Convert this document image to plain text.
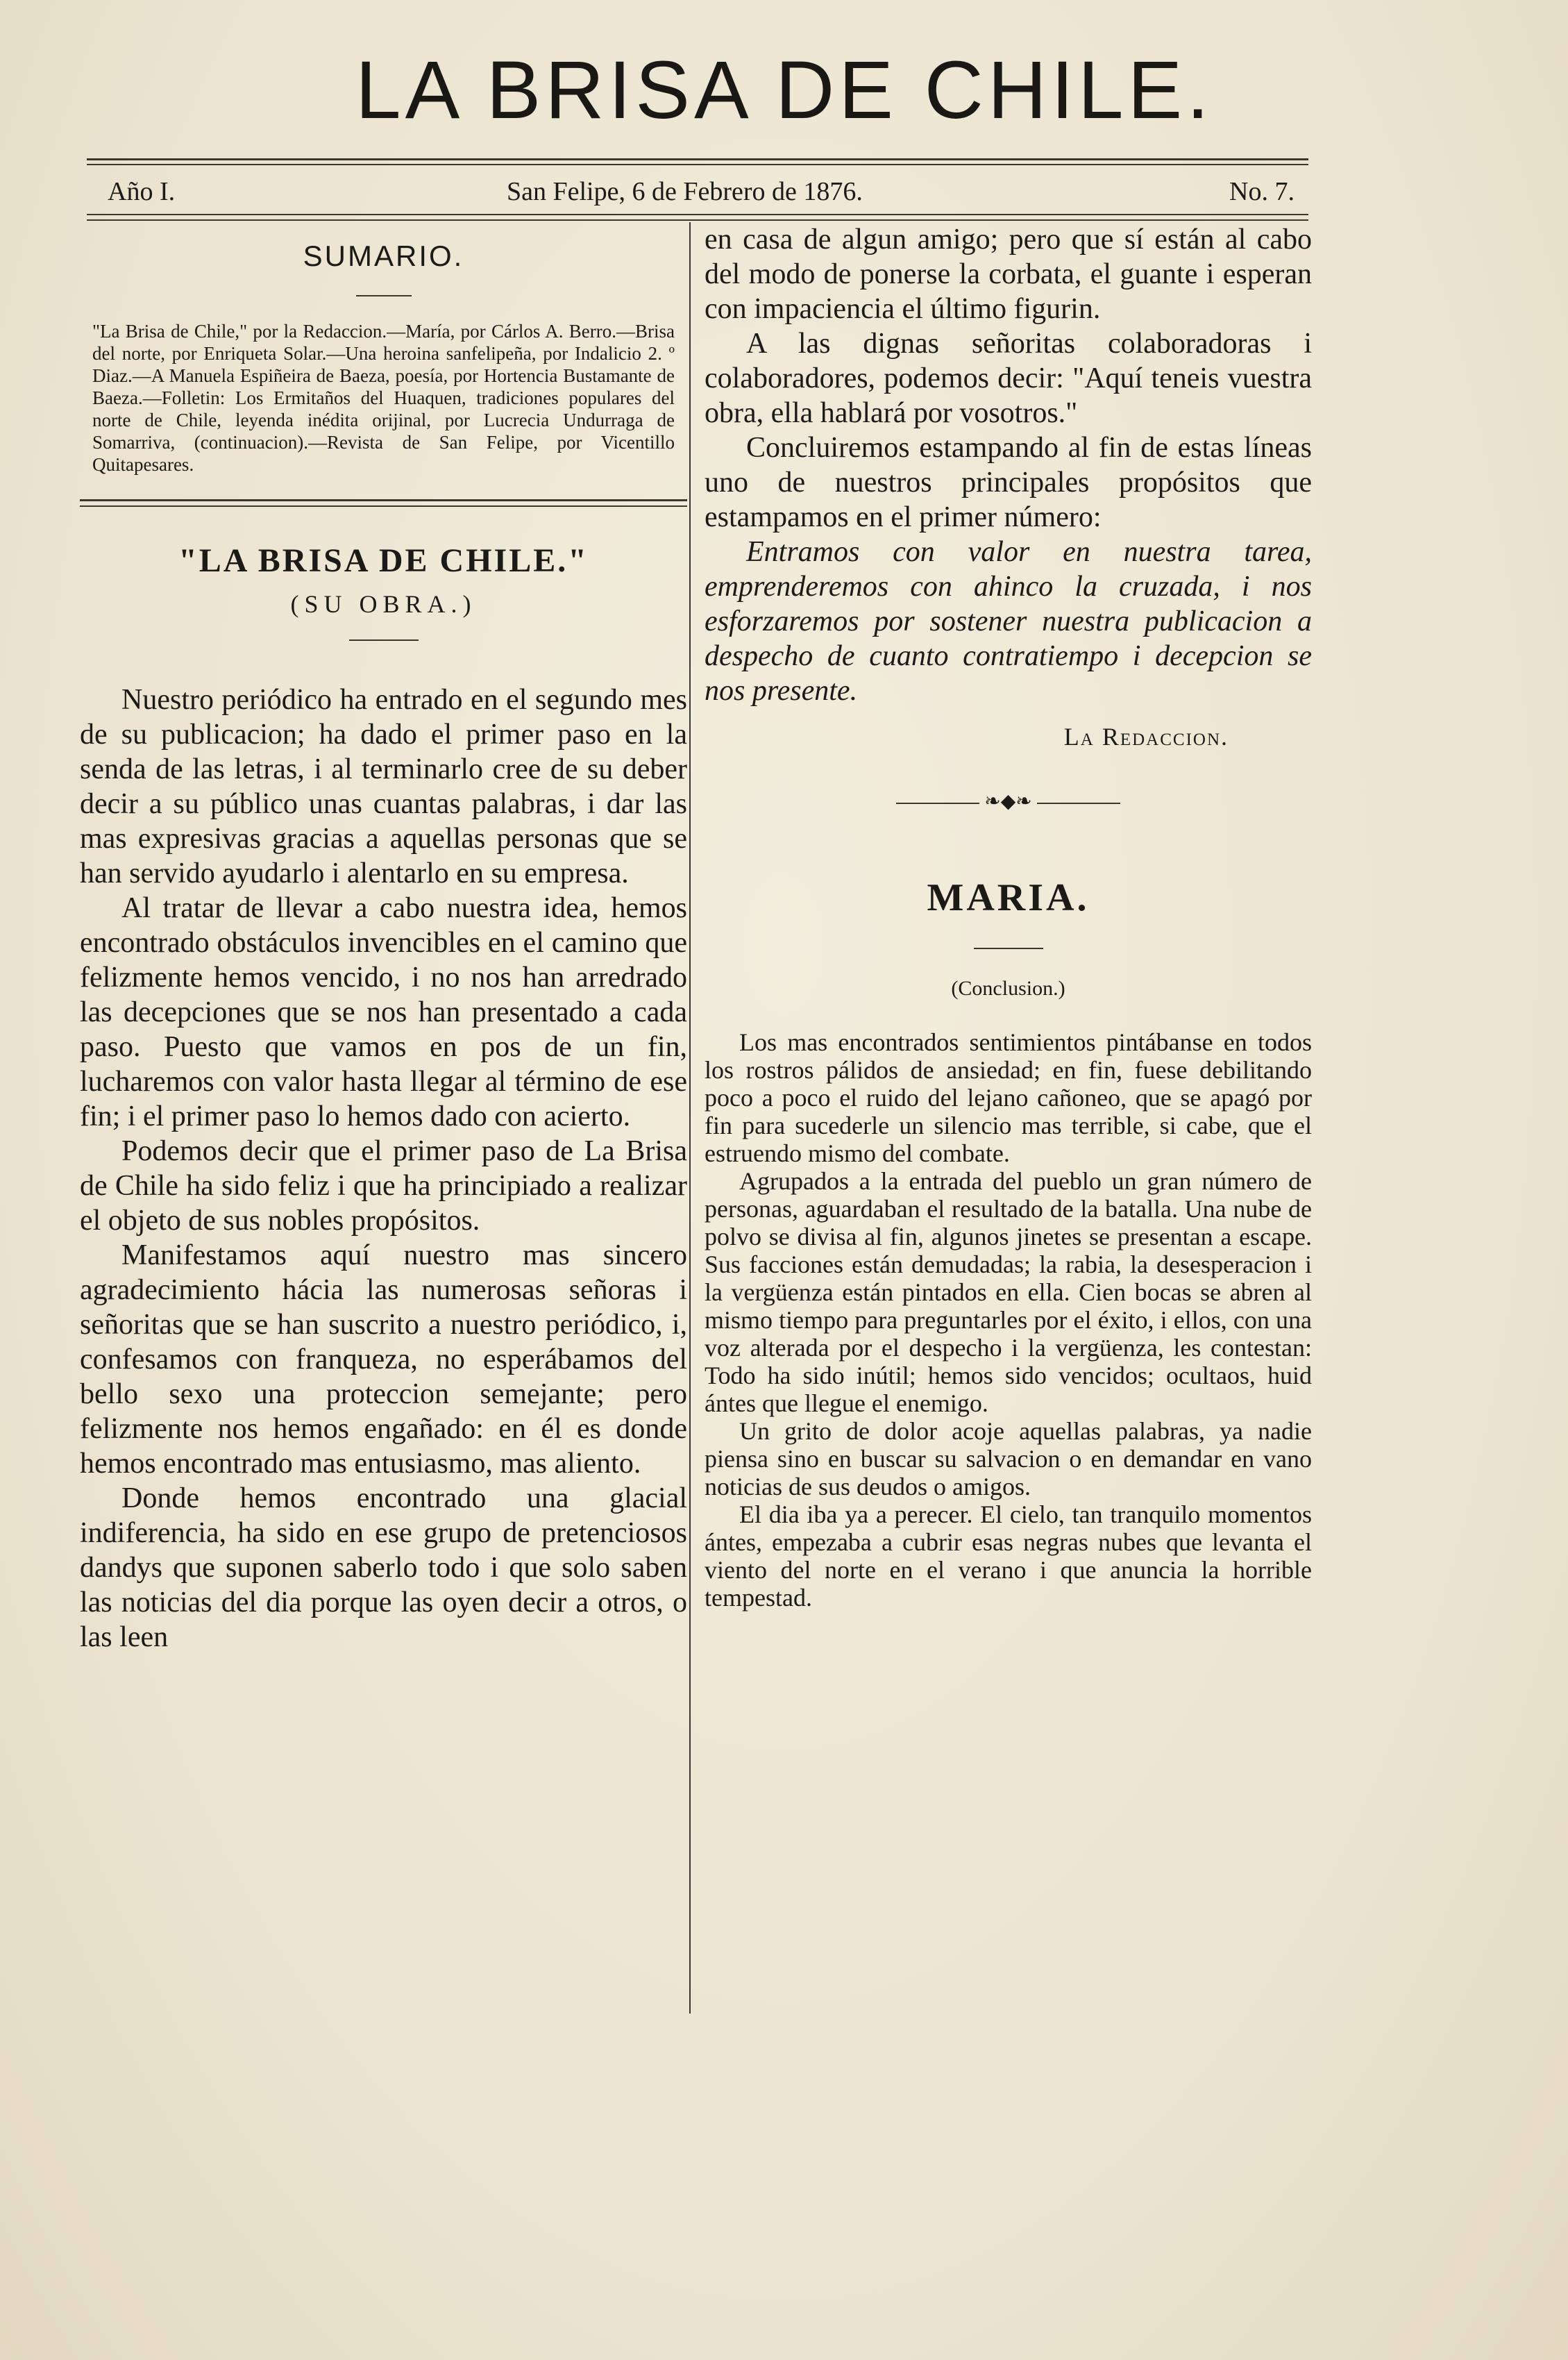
LA BRISA DE CHILE.
Año I.	San Felipe, 6 de Febrero de 1876.	No. 7.
SUMARIO.
"La Brisa de Chile," por la Redaccion.—María, por Cárlos A. Berro.—Brisa del norte, por Enriqueta Solar.—Una heroina sanfelipeña, por Indalicio 2. º Diaz.—A Manuela Espiñeira de Baeza, poesía, por Hortencia Bustamante de Baeza.—Folletin: Los Ermitaños del Huaquen, tradiciones populares del norte de Chile, leyenda inédita orijinal, por Lucrecia Undurraga de Somarriva, (continuacion).—Revista de San Felipe, por Vicentillo Quitapesares.
"LA BRISA DE CHILE."
(SU OBRA.)

Nuestro periódico ha entrado en el segundo mes de su publicacion; ha dado el primer paso en la senda de las letras, i al terminarlo cree de su deber decir a su público unas cuantas palabras, i dar las mas expresivas gracias a aquellas personas que se han servido ayudarlo i alentarlo en su empresa.

Al tratar de llevar a cabo nuestra idea, hemos encontrado obstáculos invencibles en el camino que felizmente hemos vencido, i no nos han arredrado las decepciones que se nos han presentado a cada paso. Puesto que vamos en pos de un fin, lucharemos con valor hasta llegar al término de ese fin; i el primer paso lo hemos dado con acierto.

Podemos decir que el primer paso de La Brisa de Chile ha sido feliz i que ha principiado a realizar el objeto de sus nobles propósitos.

Manifestamos aquí nuestro mas sincero agradecimiento hácia las numerosas señoras i señoritas que se han suscrito a nuestro periódico, i, confesamos con franqueza, no esperábamos del bello sexo una proteccion semejante; pero felizmente nos hemos engañado: en él es donde hemos encontrado mas entusiasmo, mas aliento.

Donde hemos encontrado una glacial indiferencia, ha sido en ese grupo de pretenciosos dandys que suponen saberlo todo i que solo saben las noticias del dia porque las oyen decir a otros, o las leen

en casa de algun amigo; pero que sí están al cabo del modo de ponerse la corbata, el guante i esperan con impaciencia el último figurin.

A las dignas señoritas colaboradoras i colaboradores, podemos decir: "Aquí teneis vuestra obra, ella hablará por vosotros."

Concluiremos estampando al fin de estas líneas uno de nuestros principales propósitos que estampamos en el primer número:

Entramos con valor en nuestra tarea, emprenderemos con ahinco la cruzada, i nos esforzaremos por sostener nuestra publicacion a despecho de cuanto contratiempo i decepcion se nos presente.

La Redaccion.
❧◆❧
MARIA.
(Conclusion.)

Los mas encontrados sentimientos pintábanse en todos los rostros pálidos de ansiedad; en fin, fuese debilitando poco a poco el ruido del lejano cañoneo, que se apagó por fin para sucederle un silencio mas terrible, si cabe, que el estruendo mismo del combate.

Agrupados a la entrada del pueblo un gran número de personas, aguardaban el resultado de la batalla. Una nube de polvo se divisa al fin, algunos jinetes se presentan a escape. Sus facciones están demudadas; la rabia, la desesperacion i la vergüenza están pintados en ella. Cien bocas se abren al mismo tiempo para preguntarles por el éxito, i ellos, con una voz alterada por el despecho i la vergüenza, les contestan: Todo ha sido inútil; hemos sido vencidos; ocultaos, huid ántes que llegue el enemigo.

Un grito de dolor acoje aquellas palabras, ya nadie piensa sino en buscar su salvacion o en demandar en vano noticias de sus deudos o amigos.

El dia iba ya a perecer. El cielo, tan tranquilo momentos ántes, empezaba a cubrir esas negras nubes que levanta el viento del norte en el verano i que anuncia la horrible tempestad.
